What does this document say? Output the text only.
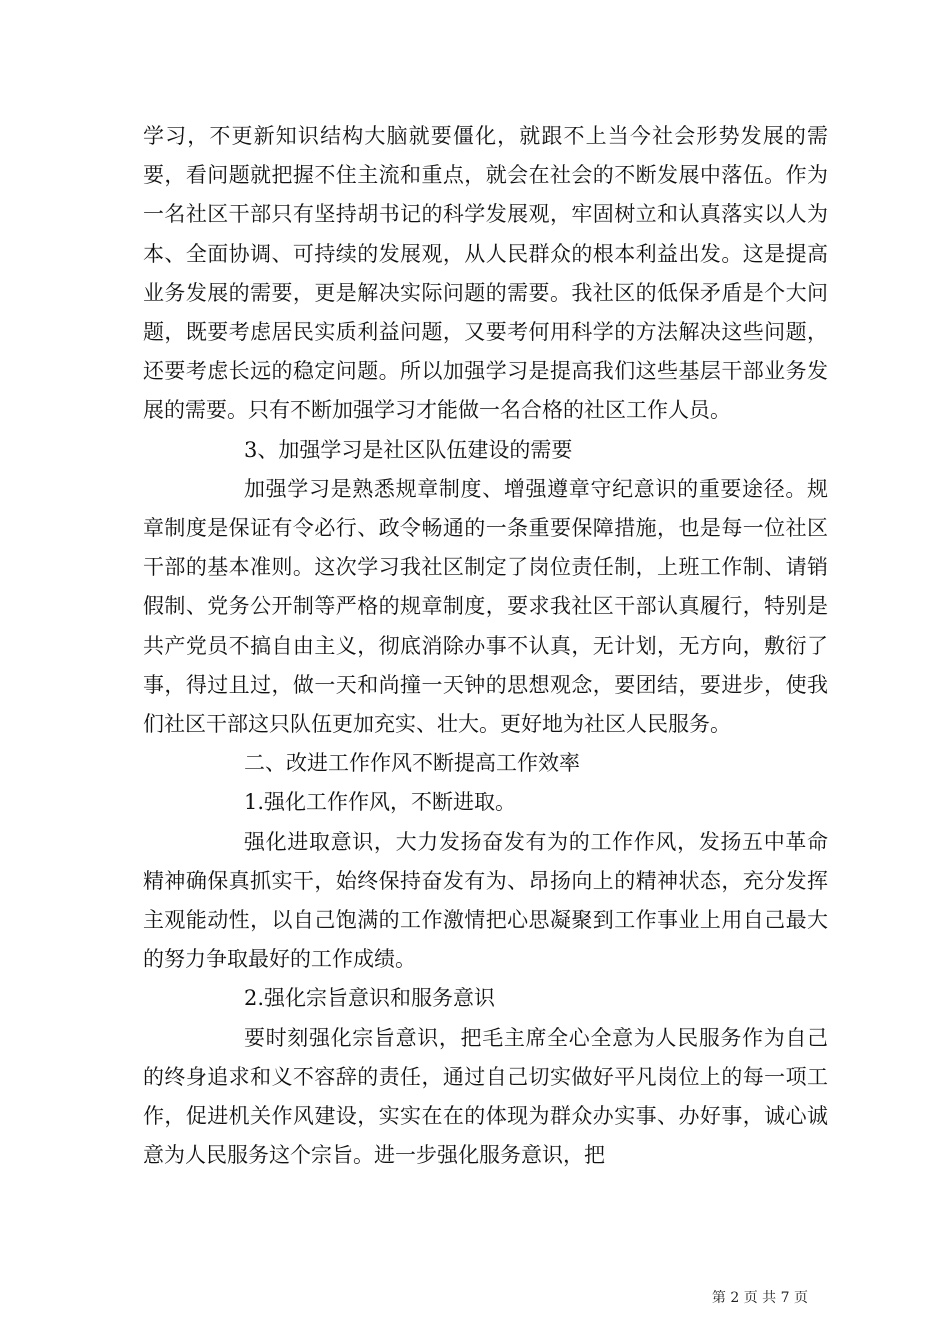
学习，不更新知识结构大脑就要僵化，就跟不上当今社会形势发展的需要，看问题就把握不住主流和重点，就会在社会的不断发展中落伍。作为一名社区干部只有坚持胡书记的科学发展观，牢固树立和认真落实以人为本、全面协调、可持续的发展观，从人民群众的根本利益出发。这是提高业务发展的需要，更是解决实际问题的需要。我社区的低保矛盾是个大问题，既要考虑居民实质利益问题，又要考何用科学的方法解决这些问题，还要考虑长远的稳定问题。所以加强学习是提高我们这些基层干部业务发展的需要。只有不断加强学习才能做一名合格的社区工作人员。

3、加强学习是社区队伍建设的需要

加强学习是熟悉规章制度、增强遵章守纪意识的重要途径。规章制度是保证有令必行、政令畅通的一条重要保障措施，也是每一位社区干部的基本准则。这次学习我社区制定了岗位责任制，上班工作制、请销假制、党务公开制等严格的规章制度，要求我社区干部认真履行，特别是共产党员不搞自由主义，彻底消除办事不认真，无计划，无方向，敷衍了事，得过且过，做一天和尚撞一天钟的思想观念，要团结，要进步，使我们社区干部这只队伍更加充实、壮大。更好地为社区人民服务。

二、改进工作作风不断提高工作效率

1.强化工作作风，不断进取。

强化进取意识，大力发扬奋发有为的工作作风，发扬五中革命精神确保真抓实干，始终保持奋发有为、昂扬向上的精神状态，充分发挥主观能动性，以自己饱满的工作激情把心思凝聚到工作事业上用自己最大的努力争取最好的工作成绩。

2.强化宗旨意识和服务意识

要时刻强化宗旨意识，把毛主席全心全意为人民服务作为自己的终身追求和义不容辞的责任，通过自己切实做好平凡岗位上的每一项工作，促进机关作风建设，实实在在的体现为群众办实事、办好事，诚心诚意为人民服务这个宗旨。进一步强化服务意识，把

第 2 页 共 7 页
